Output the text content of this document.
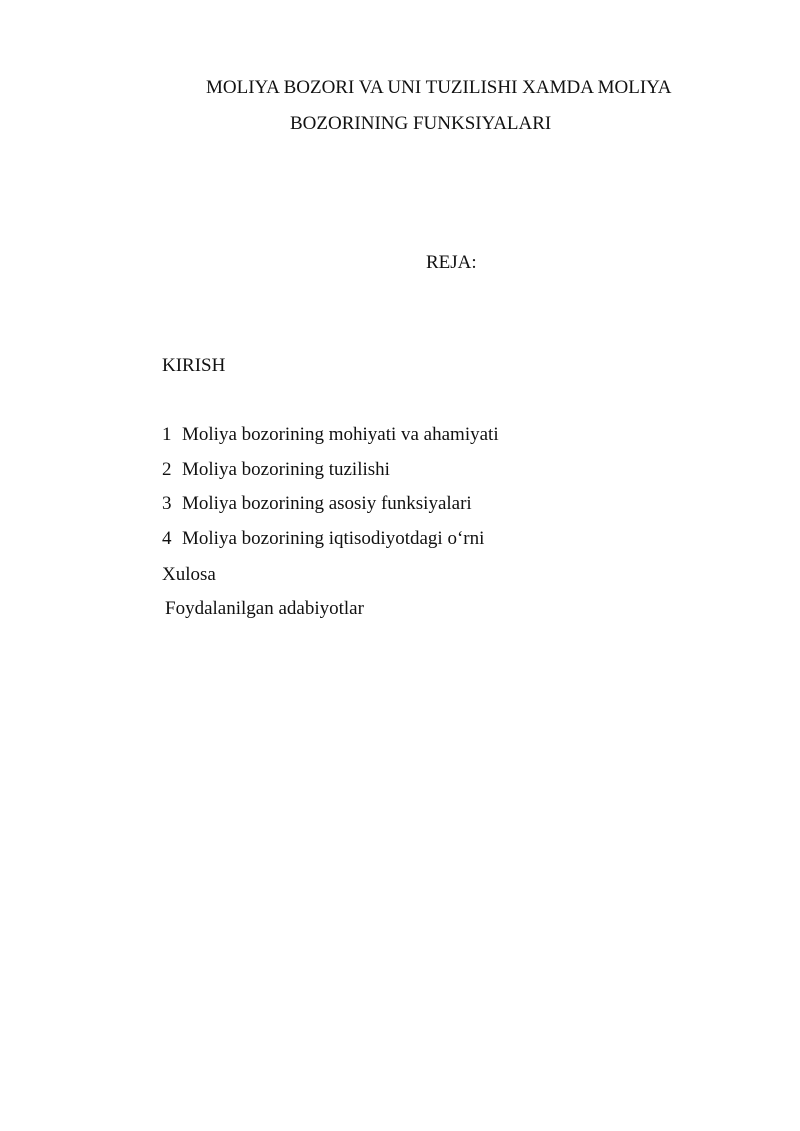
MOLIYA BOZORI VA UNI TUZILISHI XAMDA MOLIYA
BOZORINING FUNKSIYALARI
REJA:
KIRISH
1 Moliya bozorining mohiyati va ahamiyati
2 Moliya bozorining tuzilishi
3 Moliya bozorining asosiy funksiyalari
4 Moliya bozorining iqtisodiyotdagi o‘rni
Xulosa
Foydalanilgan adabiyotlar
